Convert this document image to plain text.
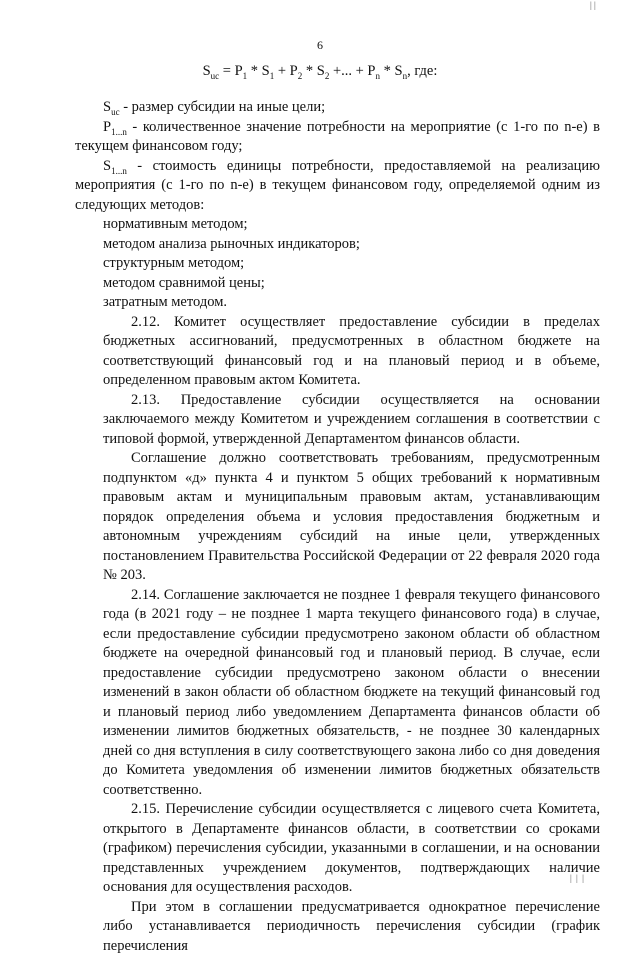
| |
6
$S_{uc} = P_1 * S_1 + P_2 * S_2$ +... + $P_n * S_n$, где:

$S_{uc}$ - размер субсидии на иные цели;

$P_{1...n}$ - количественное значение потребности на мероприятие (с 1-го по n-е) в текущем финансовом году;

$S_{1...n}$ - стоимость единицы потребности, предоставляемой на реализацию мероприятия (с 1-го по n-е) в текущем финансовом году, определяемой одним из следующих методов:

нормативным методом;

методом анализа рыночных индикаторов;

структурным методом;

методом сравнимой цены;

затратным методом.

2.12. Комитет осуществляет предоставление субсидии в пределах бюджетных ассигнований, предусмотренных в областном бюджете на соответствующий финансовый год и на плановый период и в объеме, определенном правовым актом Комитета.

2.13. Предоставление субсидии осуществляется на основании заключаемого между Комитетом и учреждением соглашения в соответствии с типовой формой, утвержденной Департаментом финансов области.

Соглашение должно соответствовать требованиям, предусмотренным подпунктом «д» пункта 4 и пунктом 5 общих требований к нормативным правовым актам и муниципальным правовым актам, устанавливающим порядок определения объема и условия предоставления бюджетным и автономным учреждениям субсидий на иные цели, утвержденных постановлением Правительства Российской Федерации от 22 февраля 2020 года № 203.

2.14. Соглашение заключается не позднее 1 февраля текущего финансового года (в 2021 году – не позднее 1 марта текущего финансового года) в случае, если предоставление субсидии предусмотрено законом области об областном бюджете на очередной финансовый год и плановый период. В случае, если предоставление субсидии предусмотрено законом области о внесении изменений в закон области об областном бюджете на текущий финансовый год и плановый период либо уведомлением Департамента финансов области об изменении лимитов бюджетных обязательств, - не позднее 30 календарных дней со дня вступления в силу соответствующего закона либо со дня доведения до Комитета уведомления об изменении лимитов бюджетных обязательств соответственно.

2.15. Перечисление субсидии осуществляется с лицевого счета Комитета, открытого в Департаменте финансов области, в соответствии со сроками (графиком) перечисления субсидии, указанными в соглашении, и на основании представленных учреждением документов, подтверждающих наличие основания для осуществления расходов.

При этом в соглашении предусматривается однократное перечисление либо устанавливается периодичность перечисления субсидии (график перечисления

| | |
